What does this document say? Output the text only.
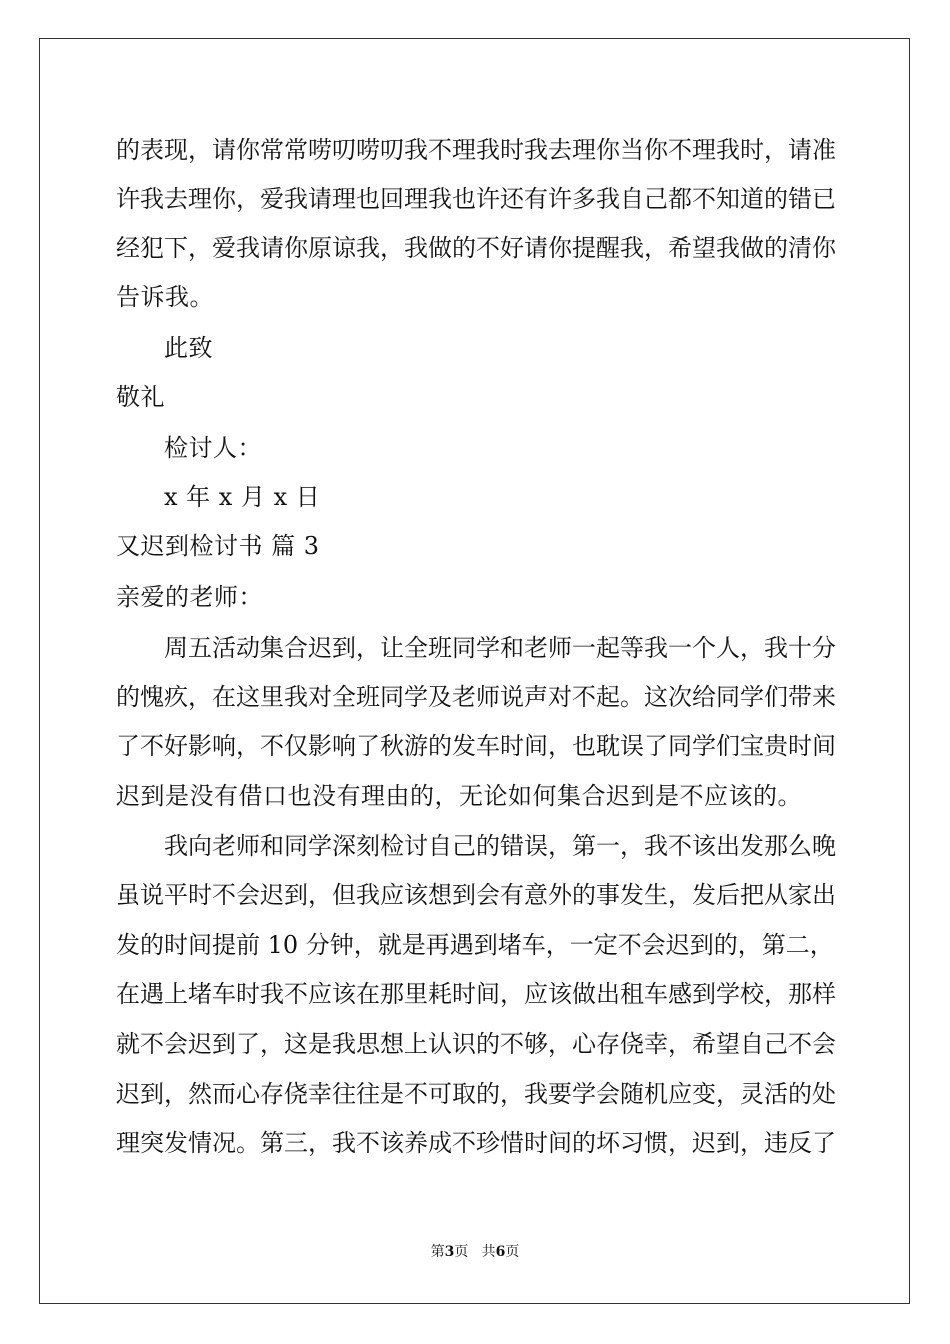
的表现，请你常常唠叨唠叨我不理我时我去理你当你不理我时，请准
许我去理你，爱我请理也回理我也许还有许多我自己都不知道的错已
经犯下，爱我请你原谅我，我做的不好请你提醒我，希望我做的清你
告诉我。
此致
敬礼
检讨人：
x 年 x 月 x 日
又迟到检讨书 篇 3
亲爱的老师：
周五活动集合迟到，让全班同学和老师一起等我一个人，我十分
的愧疚，在这里我对全班同学及老师说声对不起。这次给同学们带来
了不好影响，不仅影响了秋游的发车时间，也耽误了同学们宝贵时间
迟到是没有借口也没有理由的，无论如何集合迟到是不应该的。
我向老师和同学深刻检讨自己的错误，第一，我不该出发那么晚
虽说平时不会迟到，但我应该想到会有意外的事发生，发后把从家出
发的时间提前 10 分钟，就是再遇到堵车，一定不会迟到的，第二，
在遇上堵车时我不应该在那里耗时间，应该做出租车感到学校，那样
就不会迟到了，这是我思想上认识的不够，心存侥幸，希望自己不会
迟到，然而心存侥幸往往是不可取的，我要学会随机应变，灵活的处
理突发情况。第三，我不该养成不珍惜时间的坏习惯，迟到，违反了
第3页 共6页
